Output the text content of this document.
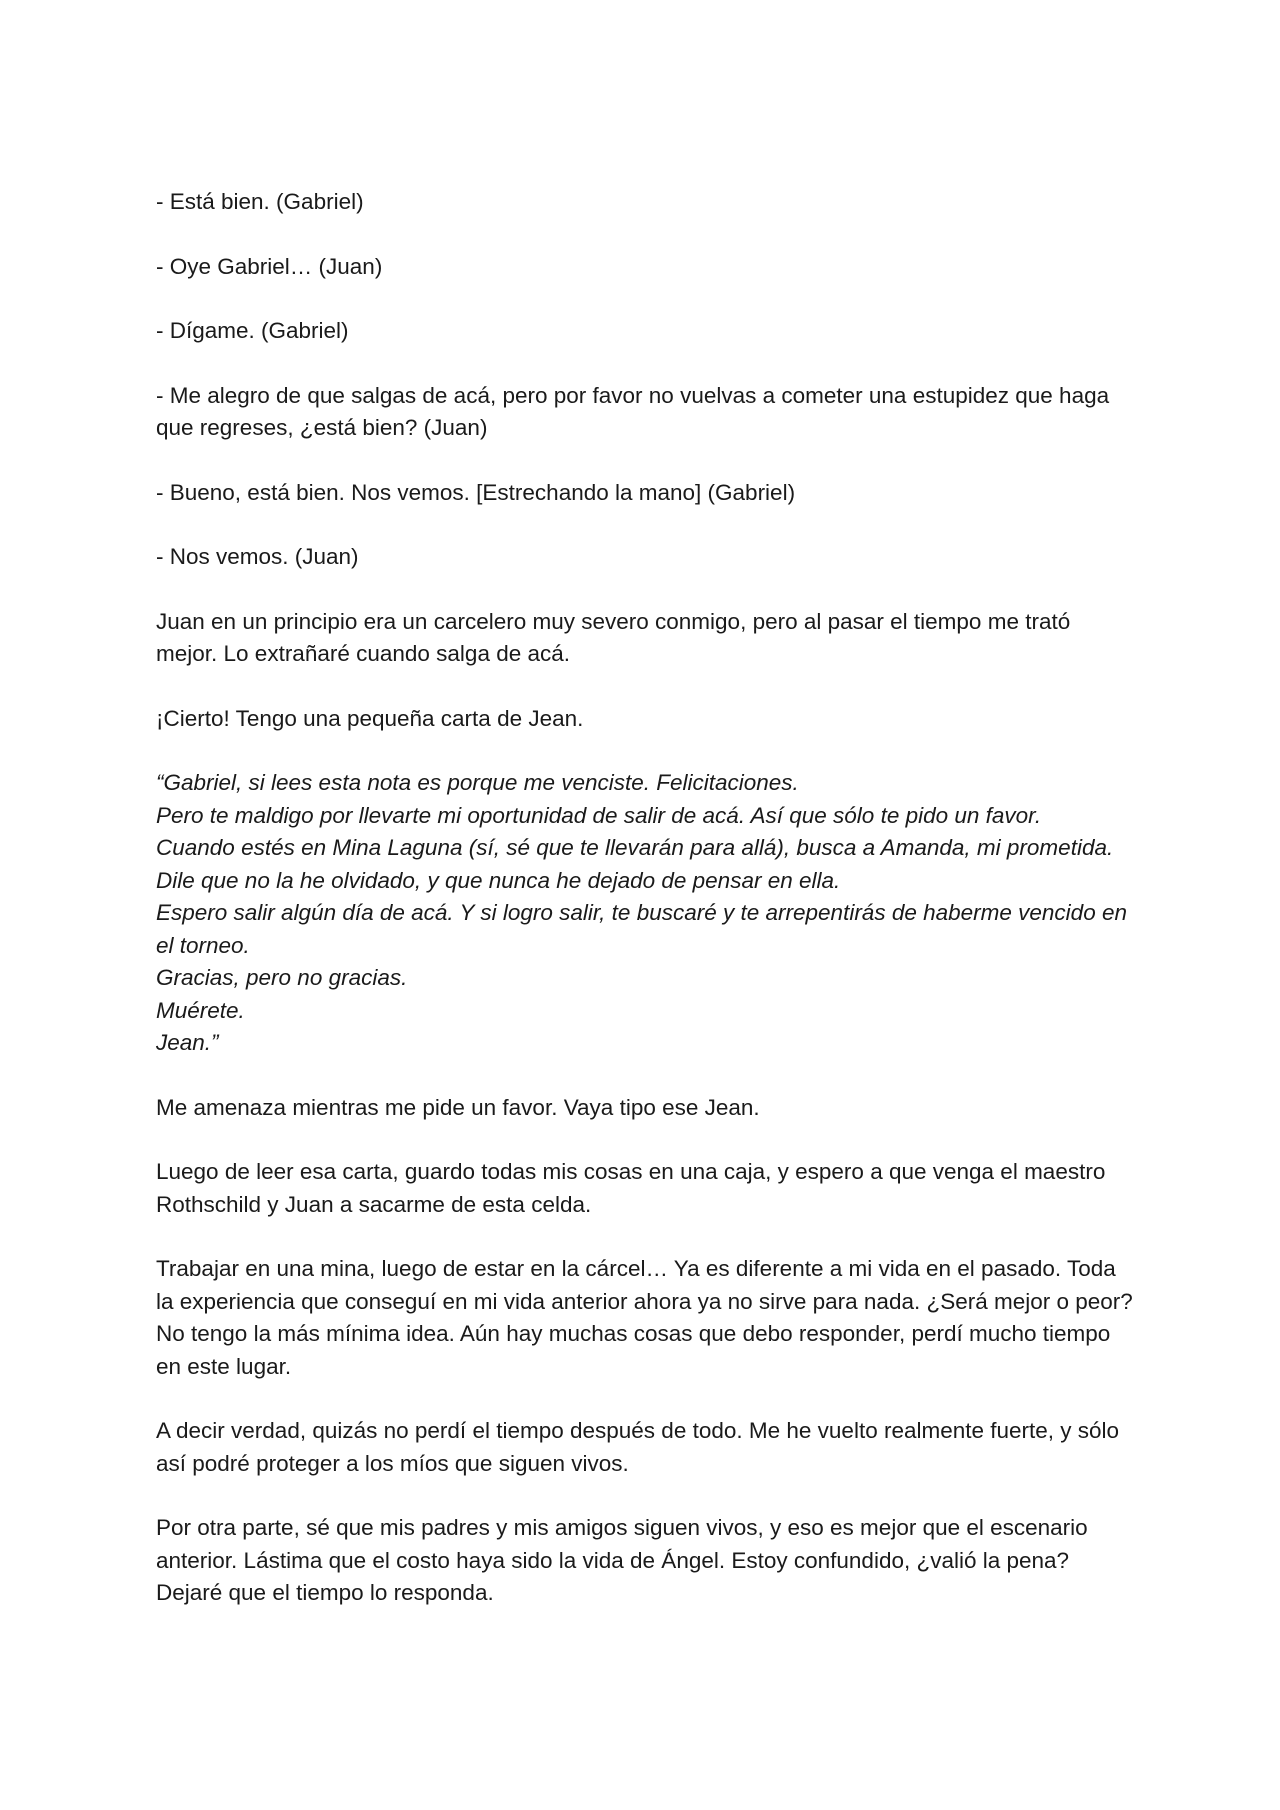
- Está bien. (Gabriel)

- Oye Gabriel… (Juan)

- Dígame. (Gabriel)

- Me alegro de que salgas de acá, pero por favor no vuelvas a cometer una estupidez que haga que regreses, ¿está bien? (Juan)

- Bueno, está bien. Nos vemos. [Estrechando la mano] (Gabriel)

- Nos vemos. (Juan)

Juan en un principio era un carcelero muy severo conmigo, pero al pasar el tiempo me trató mejor. Lo extrañaré cuando salga de acá.

¡Cierto! Tengo una pequeña carta de Jean.

“Gabriel, si lees esta nota es porque me venciste. Felicitaciones.
Pero te maldigo por llevarte mi oportunidad de salir de acá. Así que sólo te pido un favor.
Cuando estés en Mina Laguna (sí, sé que te llevarán para allá), busca a Amanda, mi prometida. Dile que no la he olvidado, y que nunca he dejado de pensar en ella.
Espero salir algún día de acá. Y si logro salir, te buscaré y te arrepentirás de haberme vencido en el torneo.
Gracias, pero no gracias.
Muérete.
Jean.”

Me amenaza mientras me pide un favor. Vaya tipo ese Jean.

Luego de leer esa carta, guardo todas mis cosas en una caja, y espero a que venga el maestro Rothschild y Juan a sacarme de esta celda.

Trabajar en una mina, luego de estar en la cárcel… Ya es diferente a mi vida en el pasado. Toda la experiencia que conseguí en mi vida anterior ahora ya no sirve para nada. ¿Será mejor o peor? No tengo la más mínima idea. Aún hay muchas cosas que debo responder, perdí mucho tiempo en este lugar.

A decir verdad, quizás no perdí el tiempo después de todo. Me he vuelto realmente fuerte, y sólo así podré proteger a los míos que siguen vivos.

Por otra parte, sé que mis padres y mis amigos siguen vivos, y eso es mejor que el escenario anterior. Lástima que el costo haya sido la vida de Ángel. Estoy confundido, ¿valió la pena? Dejaré que el tiempo lo responda.
